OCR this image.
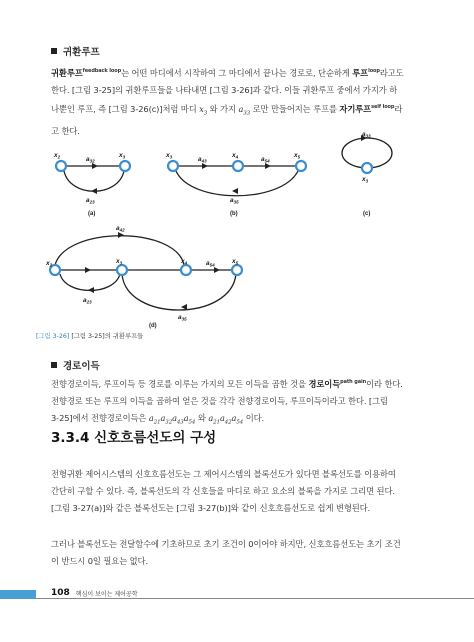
귀환루프
귀환루프$^{feedback loop}$는 어떤 마디에서 시작하여 그 마디에서 끝나는 경로로, 단순하게 루프$^{loop}$라고도
한다. [그림 3-25]의 귀환루프들을 나타내면 [그림 3-26]과 같다. 이들 귀환루프 중에서 가지가 하
나뿐인 루프, 즉 [그림 3-26(c)]처럼 마디 $x_3$ 와 가지 $a_{33}$ 로만 만들어지는 루프를 자기루프$^{self loop}$라
고 한다.
$x_2$	$x_3$
$a_{32}$
$a_{23}$
$x_3$	$x_4$	$x_5$
$a_{43}$	$a_{54}$
$a_{35}$
$a_{33}$
$x_3$
$x_2$	$x_3$	$x_4$	$x_5$
$a_{42}$
$a_{54}$
$a_{23}$
$a_{35}$
(a)	(b)	(c)
(d)
[그림 3-26] [그림 3-25]의 귀환루프들
경로이득
전향경로이득, 루프이득 등 경로를 이루는 가지의 모든 이득을 곱한 것을 경로이득$^{path gain}$이라 한다.
전향경로 또는 루프의 이득을 곱하여 얻은 것을 각각 전향경로이득, 루프이득이라고 한다. [그림
3-25]에서 전향경로이득은 $a_{21}a_{32}a_{43}a_{54}$ 와 $a_{21}a_{42}a_{54}$ 이다.
3.3.4 신호흐름선도의 구성
전형귀환 제어시스템의 신호흐름선도는 그 제어시스템의 블록선도가 있다면 블록선도를 이용하여
간단히 구할 수 있다. 즉, 블록선도의 각 신호들을 마디로 하고 요소의 블록을 가지로 그리면 된다.
[그림 3-27(a)]와 같은 블록선도는 [그림 3-27(b)]와 같이 신호흐름선도로 쉽게 변형된다.
그러나 블록선도는 전달함수에 기초하므로 초기 조건이 0이어야 하지만, 신호흐름선도는 초기 조건
이 반드시 0일 필요는 없다.
108 핵심이 보이는 제어공학
